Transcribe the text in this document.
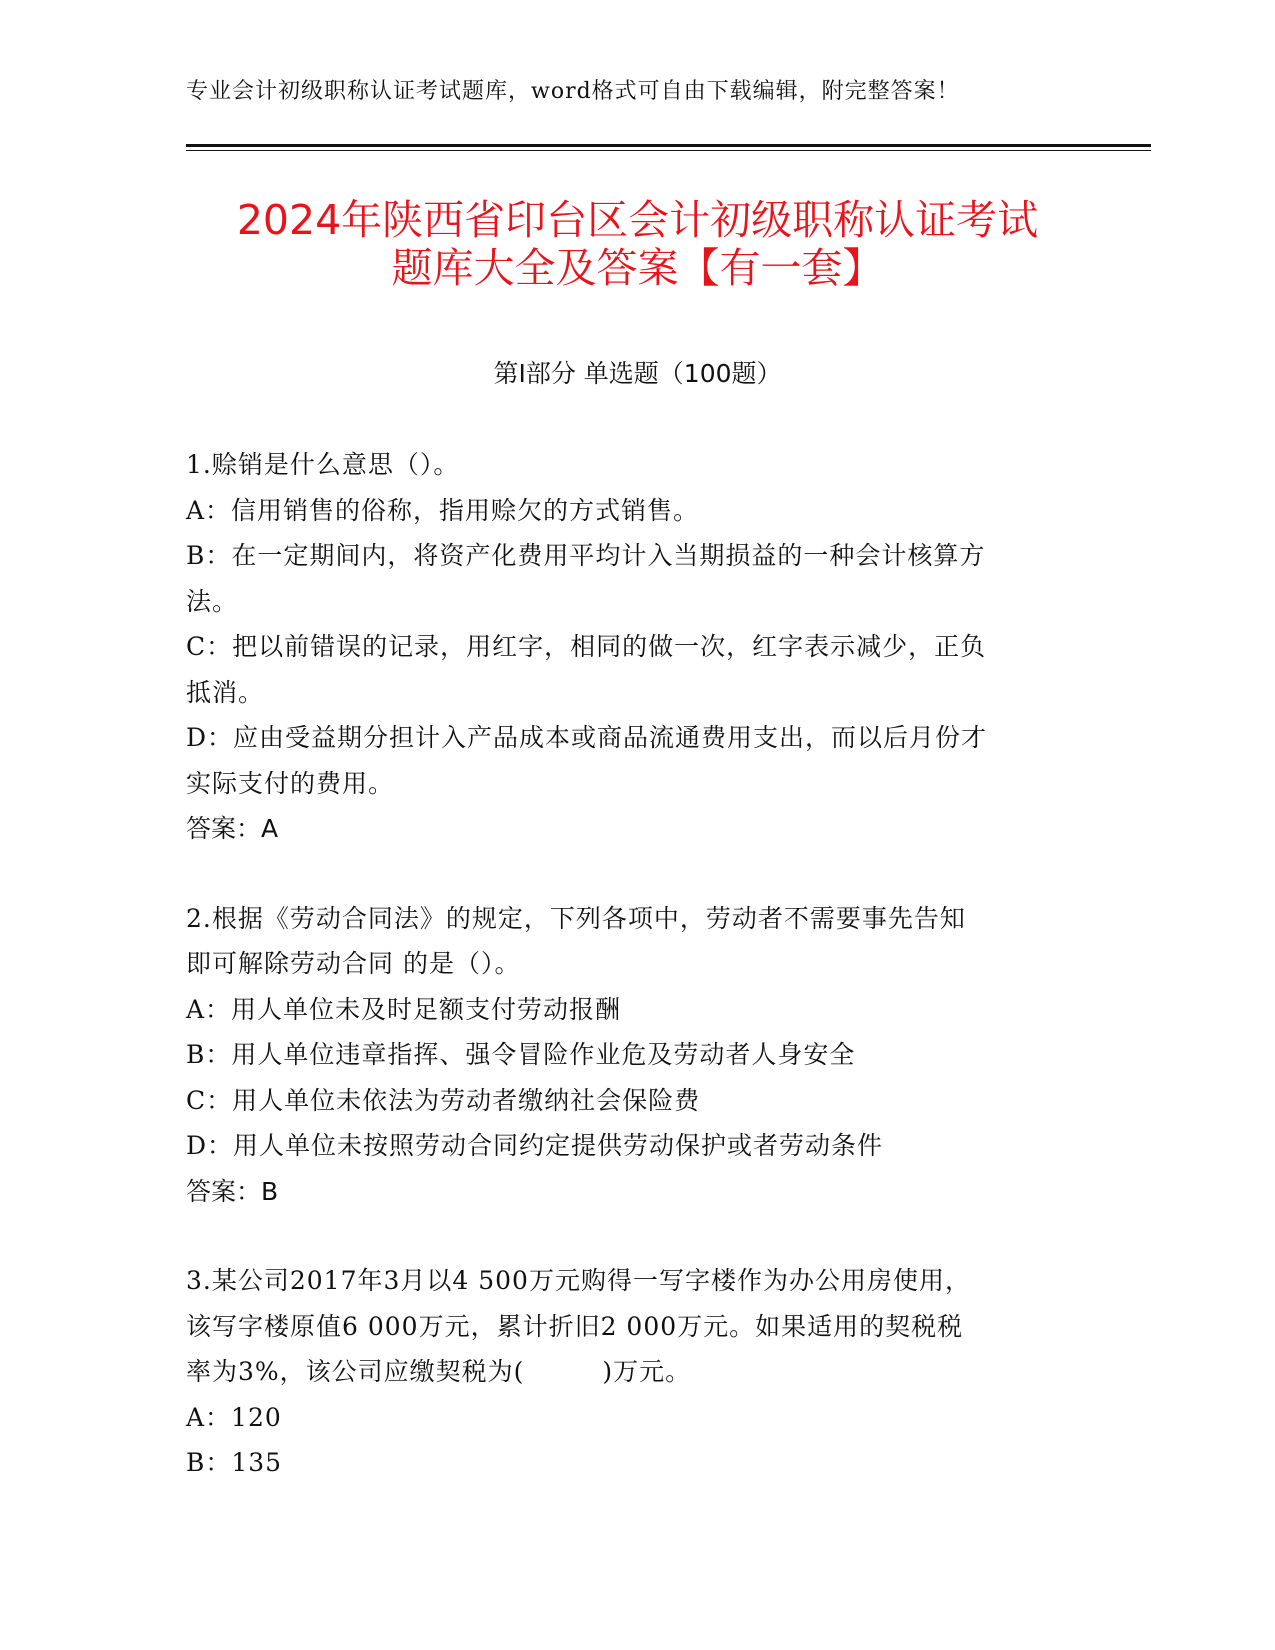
专业会计初级职称认证考试题库，word格式可自由下载编辑，附完整答案！
2024年陕西省印台区会计初级职称认证考试
题库大全及答案【有一套】
第I部分 单选题（100题）

1.赊销是什么意思（）。

A：信用销售的俗称，指用赊欠的方式销售。

B：在一定期间内，将资产化费用平均计入当期损益的一种会计核算方

法。

C：把以前错误的记录，用红字，相同的做一次，红字表示减少，正负

抵消。

D：应由受益期分担计入产品成本或商品流通费用支出，而以后月份才

实际支付的费用。

答案：A

2.根据《劳动合同法》的规定，下列各项中，劳动者不需要事先告知

即可解除劳动合同 的是（）。

A：用人单位未及时足额支付劳动报酬

B：用人单位违章指挥、强令冒险作业危及劳动者人身安全

C：用人单位未依法为劳动者缴纳社会保险费

D：用人单位未按照劳动合同约定提供劳动保护或者劳动条件

答案：B

3.某公司2017年3月以4 500万元购得一写字楼作为办公用房使用，

该写字楼原值6 000万元，累计折旧2 000万元。如果适用的契税税

率为3%，该公司应缴契税为(　　　)万元。

A：120

B：135
